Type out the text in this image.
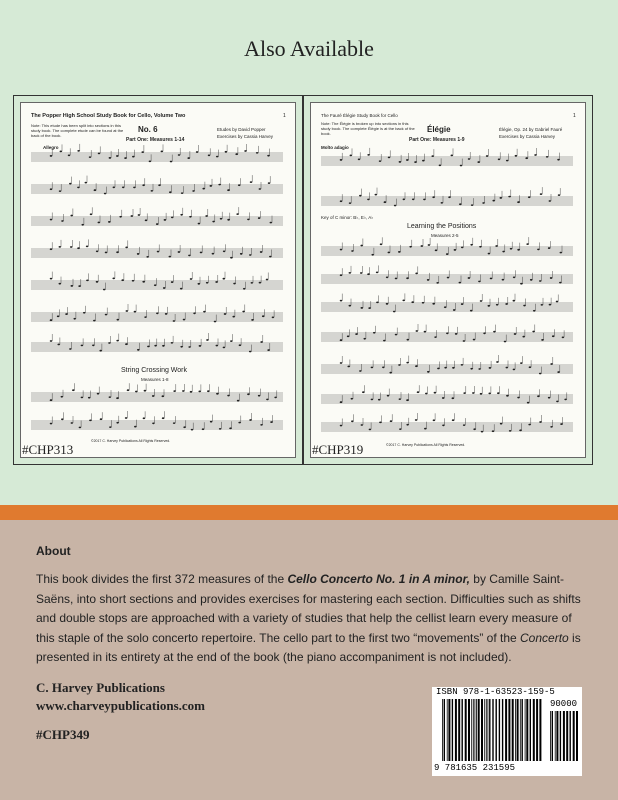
Also Available
The Popper High School Study Book for Cello, Volume Two	1
Note: This etude has been split into sections in this study book. The complete etude can be found at the back of the book.
No. 6
Part One: Measures 1-14
Etudes by David Popper
Exercises by Cassia Harvey
Allegro
String Crossing Work
Measures 1-8
©2017 C. Harvey Publications All Rights Reserved.
#CHP313
The Fauré Élégie Study Book for Cello	1
Note: The Élégie is broken up into sections in this study book. The complete Élégie is at the back of the book.	Élégie
Part One: Measures 1-9
Élégie, Op. 24 by Gabriel Fauré
Exercises by Cassia Harvey
Molto adagio
Key of C minor: B♭, E♭, A♭
Learning the Positions
Measures 2-5
©2017 C. Harvey Publications All Rights Reserved.
#CHP319
About
This book divides the first 372 measures of the Cello Concerto No. 1 in A minor, by Camille Saint-Saëns, into short sections and provides exercises for mastering each section. Difficulties such as shifts and double stops are approached with a variety of studies that help the cellist learn every measure of this staple of the solo concerto repertoire. The cello part to the first two “movements” of the Concerto is presented in its entirety at the end of the book (the piano accompaniment is not included).
C. Harvey Publications
www.charveypublications.com
#CHP349
ISBN 978-1-63523-159-5
90000
9 781635 231595
